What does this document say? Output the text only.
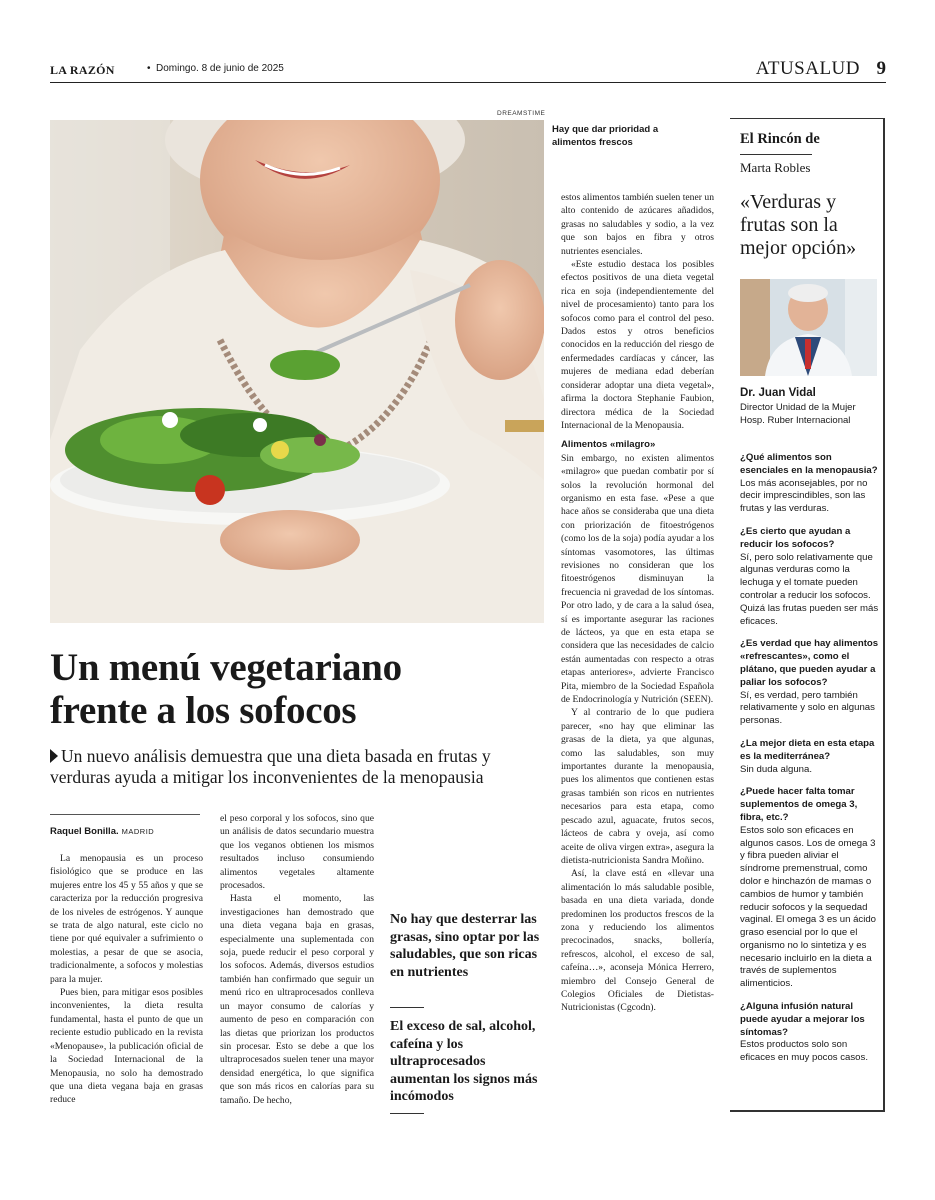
LA RAZÓN	• Domingo. 8 de junio de 2025	ATUSALUD 9
DREAMSTIME
Hay que dar prioridad a alimentos frescos
Un menú vegetariano
frente a los sofocos
Un nuevo análisis demuestra que una dieta basada en frutas y verduras ayuda a mitigar los inconvenientes de la menopausia
Raquel Bonilla. MADRID

La menopausia es un proceso fisiológico que se produce en las mujeres entre los 45 y 55 años y que se caracteriza por la reducción progresiva de los niveles de estrógenos. Y aunque se trata de algo natural, este ciclo no tiene por qué equivaler a sufrimiento o molestias, a pesar de que se asocia, tradicionalmente, a sofocos y molestias para la mujer.

Pues bien, para mitigar esos posibles inconvenientes, la dieta resulta fundamental, hasta el punto de que un reciente estudio publicado en la revista «Menopause», la publicación oficial de la Sociedad Internacional de la Menopausia, no solo ha demostrado que una dieta vegana baja en grasas reduce

el peso corporal y los sofocos, sino que un análisis de datos secundario muestra que los veganos obtienen los mismos resultados incluso consumiendo alimentos vegetales altamente procesados.

Hasta el momento, las investigaciones han demostrado que una dieta vegana baja en grasas, especialmente una suplementada con soja, puede reducir el peso corporal y los sofocos. Además, diversos estudios también han confirmado que seguir un menú rico en ultraprocesados conlleva un mayor consumo de calorías y aumento de peso en comparación con las dietas que priorizan los productos sin procesar. Esto se debe a que los ultraprocesados suelen tener una mayor densidad energética, lo que significa que son más ricos en calorías para su tamaño. De hecho,

estos alimentos también suelen tener un alto contenido de azúcares añadidos, grasas no saludables y sodio, a la vez que son bajos en fibra y otros nutrientes esenciales.

«Este estudio destaca los posibles efectos positivos de una dieta vegetal rica en soja (independientemente del nivel de procesamiento) tanto para los sofocos como para el control del peso. Dados estos y otros beneficios conocidos en la reducción del riesgo de enfermedades cardíacas y cáncer, las mujeres de mediana edad deberían considerar adoptar una dieta vegetal», afirma la doctora Stephanie Faubion, directora médica de la Sociedad Internacional de la Menopausia.

Alimentos «milagro»

Sin embargo, no existen alimentos «milagro» que puedan combatir por sí solos la revolución hormonal del organismo en esta fase. «Pese a que hace años se consideraba que una dieta con priorización de fitoestrógenos (como los de la soja) podía ayudar a los síntomas vasomotores, las últimas revisiones no consideran que los fitoestrógenos disminuyan la frecuencia ni gravedad de los síntomas. Por otro lado, y de cara a la salud ósea, sí es importante asegurar las raciones de lácteos, ya que en esta etapa se considera que las necesidades de calcio están aumentadas con respecto a otras etapas anteriores», advierte Francisco Pita, miembro de la Sociedad Española de Endocrinología y Nutrición (SEEN).

Y al contrario de lo que pudiera parecer, «no hay que eliminar las grasas de la dieta, ya que algunas, como las saludables, son muy importantes durante la menopausia, pues los alimentos que contienen estas grasas también son ricos en nutrientes necesarios para esta etapa, como pescado azul, aguacate, frutos secos, lácteos de cabra y oveja, así como aceite de oliva virgen extra», asegura la dietista-nutricionista Sandra Moñino.

Así, la clave está en «llevar una alimentación lo más saludable posible, basada en una dieta variada, donde predominen los productos frescos de la zona y reduciendo los alimentos precocinados, snacks, bollería, refrescos, alcohol, el exceso de sal, cafeína…», aconseja Mónica Herrero, miembro del Consejo General de Colegios Oficiales de Dietistas-Nutricionistas (Cgcodn).

No hay que desterrar las grasas, sino optar por las saludables, que son ricas en nutrientes
El exceso de sal, alcohol, cafeína y los ultraprocesados aumentan los signos más incómodos
El Rincón de
Marta Robles
«Verduras y frutas son la mejor opción»
Dr. Juan Vidal
Director Unidad de la Mujer Hosp. Ruber Internacional
¿Qué alimentos son esenciales en la menopausia?
Los más aconsejables, por no decir imprescindibles, son las frutas y las verduras.
¿Es cierto que ayudan a reducir los sofocos?
Sí, pero solo relativamente que algunas verduras como la lechuga y el tomate pueden controlar a reducir los sofocos. Quizá las frutas pueden ser más eficaces.
¿Es verdad que hay alimentos «refrescantes», como el plátano, que pueden ayudar a paliar los sofocos?
Sí, es verdad, pero también relativamente y solo en algunas personas.
¿La mejor dieta en esta etapa es la mediterránea?
Sin duda alguna.
¿Puede hacer falta tomar suplementos de omega 3, fibra, etc.?
Estos solo son eficaces en algunos casos. Los de omega 3 y fibra pueden aliviar el síndrome premenstrual, como dolor e hinchazón de mamas o cambios de humor y también reducir sofocos y la sequedad vaginal. El omega 3 es un ácido graso esencial por lo que el organismo no lo sintetiza y es necesario incluirlo en la dieta a través de suplementos alimenticios.
¿Alguna infusión natural puede ayudar a mejorar los síntomas?
Estos productos solo son eficaces en muy pocos casos.
